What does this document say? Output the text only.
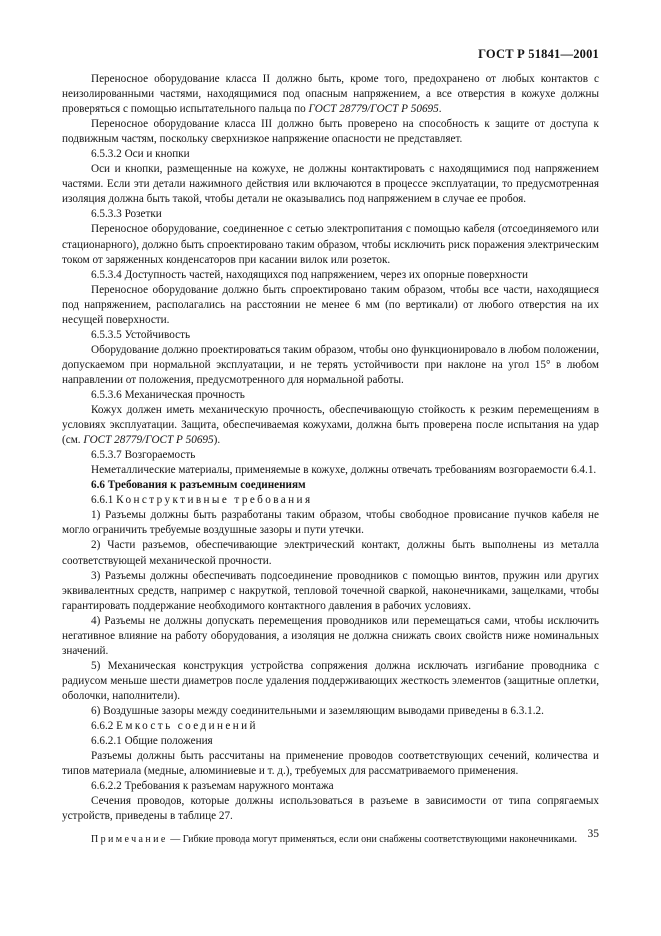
ГОСТ Р 51841—2001

Переносное оборудование класса II должно быть, кроме того, предохранено от любых контактов с неизолированными частями, находящимися под опасным напряжением, а все отверстия в кожухе должны проверяться с помощью испытательного пальца по ГОСТ 28779/ГОСТ Р 50695.

Переносное оборудование класса III должно быть проверено на способность к защите от доступа к подвижным частям, поскольку сверхнизкое напряжение опасности не представляет.

6.5.3.2 Оси и кнопки

Оси и кнопки, размещенные на кожухе, не должны контактировать с находящимися под напряжением частями. Если эти детали нажимного действия или включаются в процессе эксплуатации, то предусмотренная изоляция должна быть такой, чтобы детали не оказывались под напряжением в случае ее пробоя.

6.5.3.3 Розетки

Переносное оборудование, соединенное с сетью электропитания с помощью кабеля (отсоединяемого или стационарного), должно быть спроектировано таким образом, чтобы исключить риск поражения электрическим током от заряженных конденсаторов при касании вилок или розеток.

6.5.3.4 Доступность частей, находящихся под напряжением, через их опорные поверхности

Переносное оборудование должно быть спроектировано таким образом, чтобы все части, находящиеся под напряжением, располагались на расстоянии не менее 6 мм (по вертикали) от любого отверстия на их несущей поверхности.

6.5.3.5 Устойчивость

Оборудование должно проектироваться таким образом, чтобы оно функционировало в любом положении, допускаемом при нормальной эксплуатации, и не терять устойчивости при наклоне на угол 15° в любом направлении от положения, предусмотренного для нормальной работы.

6.5.3.6 Механическая прочность

Кожух должен иметь механическую прочность, обеспечивающую стойкость к резким перемещениям в условиях эксплуатации. Защита, обеспечиваемая кожухами, должна быть проверена после испытания на удар (см. ГОСТ 28779/ГОСТ Р 50695).

6.5.3.7 Возгораемость

Неметаллические материалы, применяемые в кожухе, должны отвечать требованиям возгораемости 6.4.1.

6.6 Требования к разъемным соединениям

6.6.1 Конструктивные требования

1) Разъемы должны быть разработаны таким образом, чтобы свободное провисание пучков кабеля не могло ограничить требуемые воздушные зазоры и пути утечки.

2) Части разъемов, обеспечивающие электрический контакт, должны быть выполнены из металла соответствующей механической прочности.

3) Разъемы должны обеспечивать подсоединение проводников с помощью винтов, пружин или других эквивалентных средств, например с накруткой, тепловой точечной сваркой, наконечниками, защелками, чтобы гарантировать поддержание необходимого контактного давления в рабочих условиях.

4) Разъемы не должны допускать перемещения проводников или перемещаться сами, чтобы исключить негативное влияние на работу оборудования, а изоляция не должна снижать своих свойств ниже номинальных значений.

5) Механическая конструкция устройства сопряжения должна исключать изгибание проводника с радиусом меньше шести диаметров после удаления поддерживающих жесткость элементов (защитные оплетки, оболочки, наполнители).

6) Воздушные зазоры между соединительными и заземляющим выводами приведены в 6.3.1.2.

6.6.2 Емкость соединений

6.6.2.1 Общие положения

Разъемы должны быть рассчитаны на применение проводов соответствующих сечений, количества и типов материала (медные, алюминиевые и т. д.), требуемых для рассматриваемого применения.

6.6.2.2 Требования к разъемам наружного монтажа

Сечения проводов, которые должны использоваться в разъеме в зависимости от типа сопрягаемых устройств, приведены в таблице 27.

Примечание — Гибкие провода могут применяться, если они снабжены соответствующими наконечниками. 35
